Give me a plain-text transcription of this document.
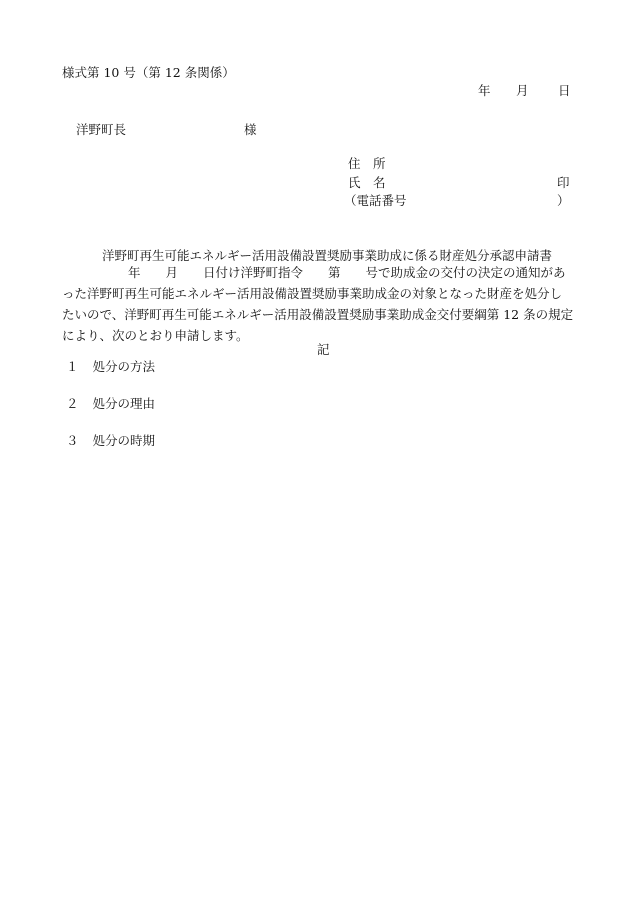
様式第 10 号（第 12 条関係）
年 月 日
洋野町長	様
住　所
氏　名	印
（電話番号	）
洋野町再生可能エネルギー活用設備設置奨励事業助成に係る財産処分承認申請書

年　　月　　日付け洋野町指令　　第　　号で助成金の交付の決定の通知があ

った洋野町再生可能エネルギー活用設備設置奨励事業助成金の対象となった財産を処分し

たいので、洋野町再生可能エネルギー活用設備設置奨励事業助成金交付要綱第 12 条の規定

により、次のとおり申請します。

記
１ 処分の方法
２ 処分の理由
３ 処分の時期
